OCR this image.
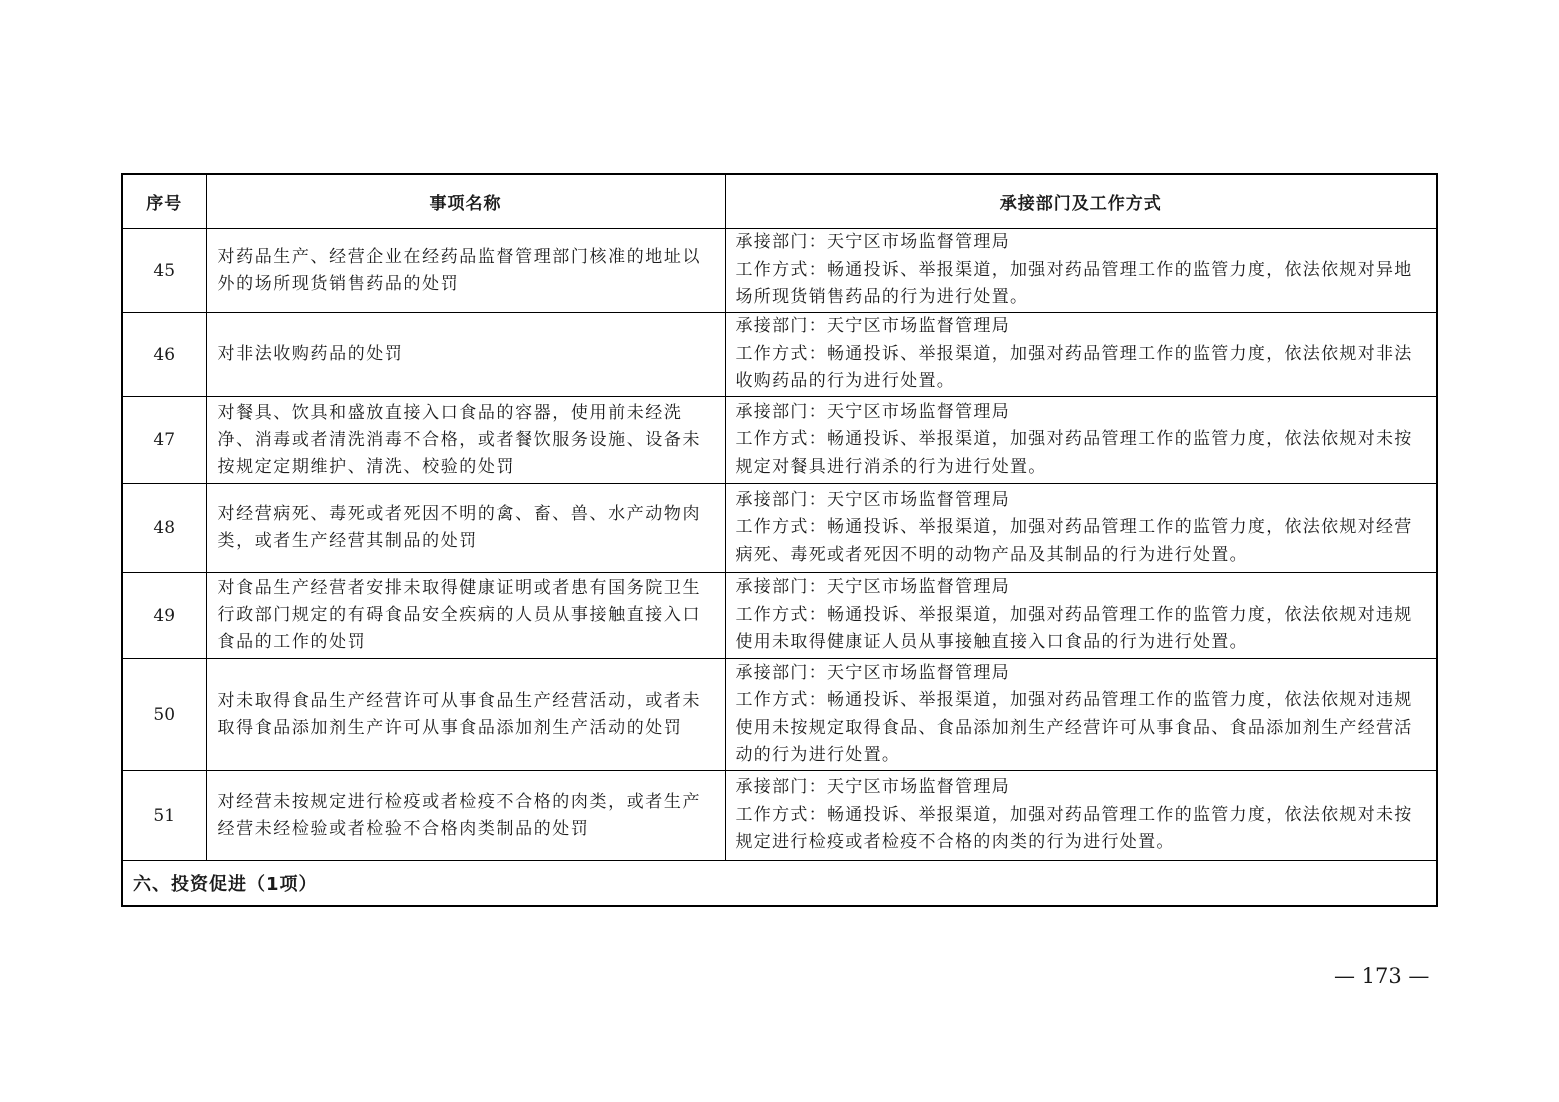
序号	事项名称	承接部门及工作方式
45	对药品生产、经营企业在经药品监督管理部门核准的地址以外的场所现货销售药品的处罚	承接部门：天宁区市场监督管理局
工作方式：畅通投诉、举报渠道，加强对药品管理工作的监管力度，依法依规对异地场所现货销售药品的行为进行处置。

46	对非法收购药品的处罚	承接部门：天宁区市场监督管理局
工作方式：畅通投诉、举报渠道，加强对药品管理工作的监管力度，依法依规对非法收购药品的行为进行处置。

47	对餐具、饮具和盛放直接入口食品的容器，使用前未经洗净、消毒或者清洗消毒不合格，或者餐饮服务设施、设备未按规定定期维护、清洗、校验的处罚	承接部门：天宁区市场监督管理局
工作方式：畅通投诉、举报渠道，加强对药品管理工作的监管力度，依法依规对未按规定对餐具进行消杀的行为进行处置。

48	对经营病死、毒死或者死因不明的禽、畜、兽、水产动物肉类，或者生产经营其制品的处罚	承接部门：天宁区市场监督管理局
工作方式：畅通投诉、举报渠道，加强对药品管理工作的监管力度，依法依规对经营病死、毒死或者死因不明的动物产品及其制品的行为进行处置。

49	对食品生产经营者安排未取得健康证明或者患有国务院卫生行政部门规定的有碍食品安全疾病的人员从事接触直接入口食品的工作的处罚	承接部门：天宁区市场监督管理局
工作方式：畅通投诉、举报渠道，加强对药品管理工作的监管力度，依法依规对违规使用未取得健康证人员从事接触直接入口食品的行为进行处置。

50	对未取得食品生产经营许可从事食品生产经营活动，或者未取得食品添加剂生产许可从事食品添加剂生产活动的处罚	承接部门：天宁区市场监督管理局
工作方式：畅通投诉、举报渠道，加强对药品管理工作的监管力度，依法依规对违规使用未按规定取得食品、食品添加剂生产经营许可从事食品、食品添加剂生产经营活动的行为进行处置。

51	对经营未按规定进行检疫或者检疫不合格的肉类，或者生产经营未经检验或者检验不合格肉类制品的处罚	承接部门：天宁区市场监督管理局
工作方式：畅通投诉、举报渠道，加强对药品管理工作的监管力度，依法依规对未按规定进行检疫或者检疫不合格的肉类的行为进行处置。

六、投资促进（1项）		
— 173 —
